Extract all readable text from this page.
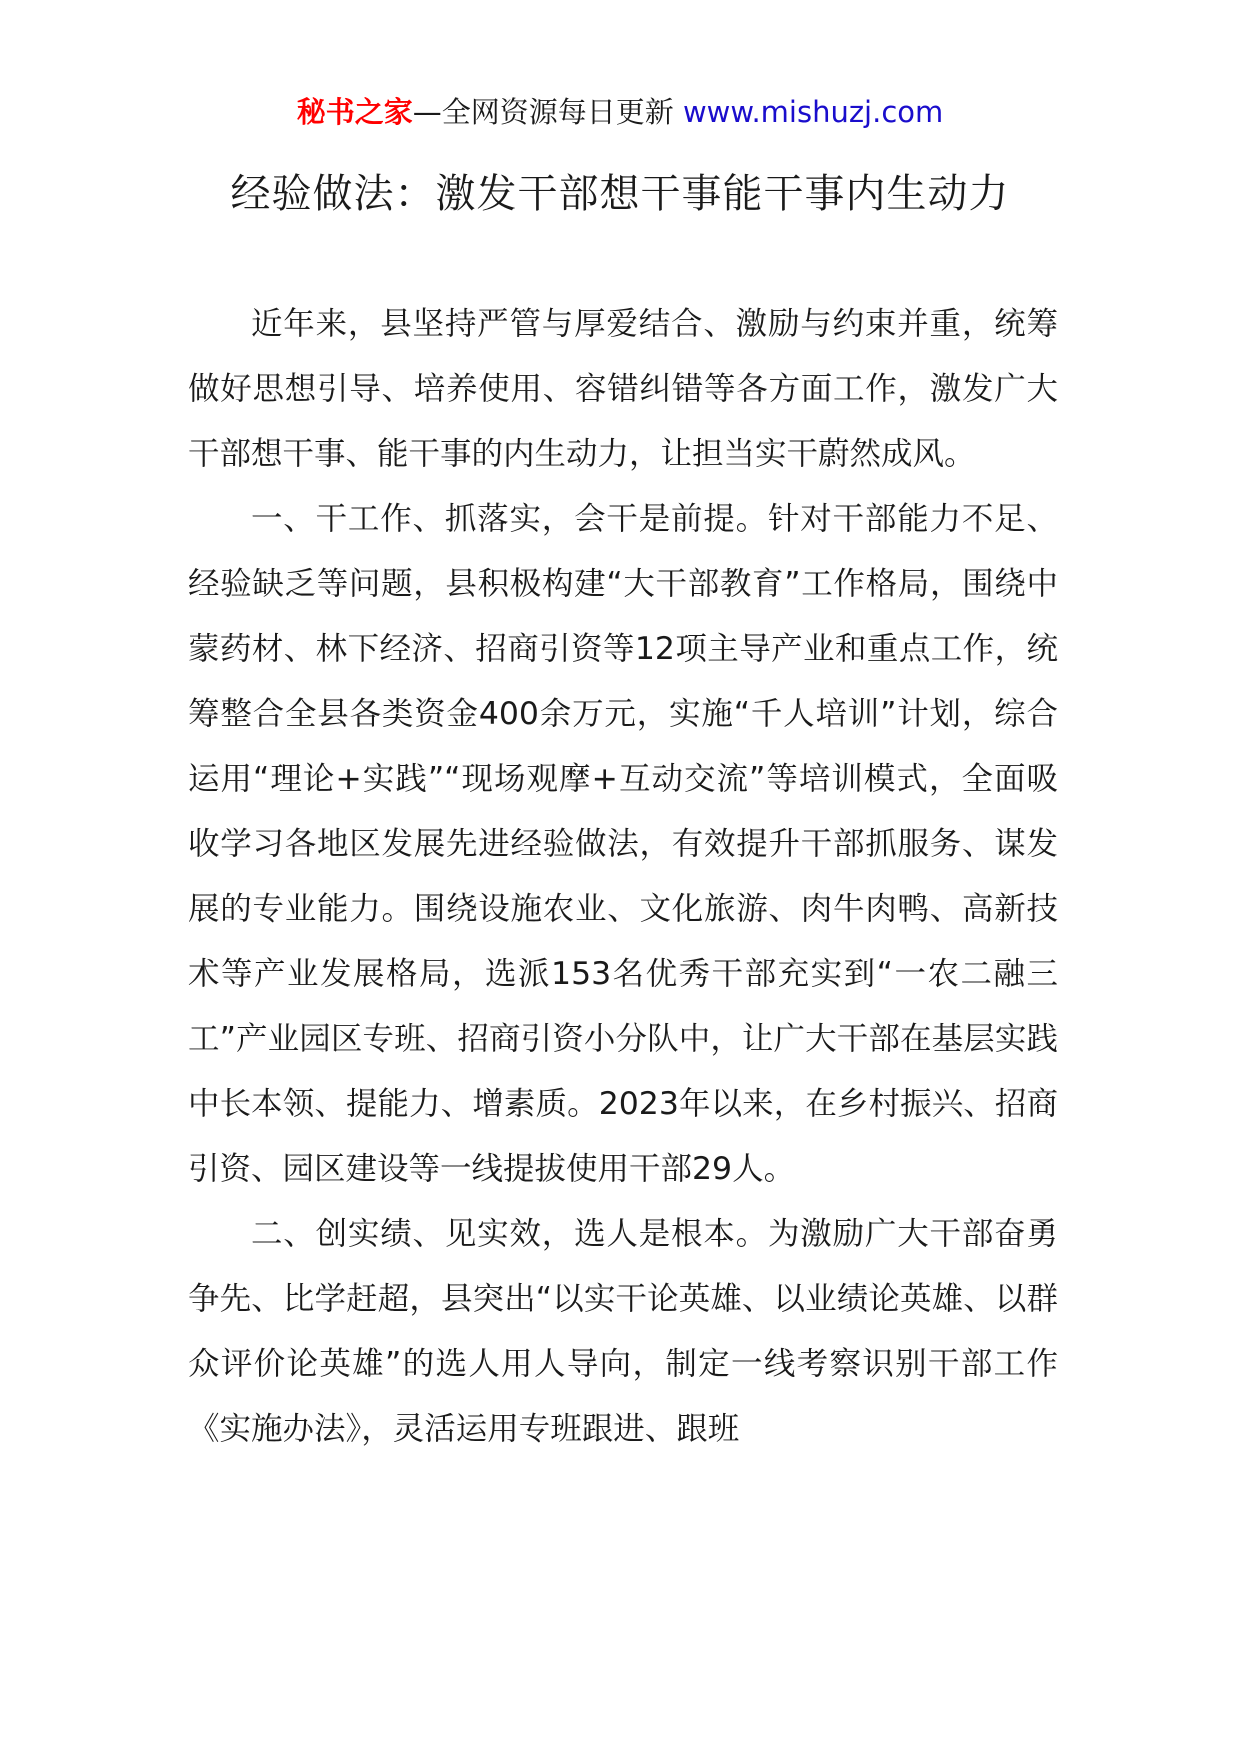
秘书之家—全网资源每日更新 www.mishuzj.com
经验做法：激发干部想干事能干事内生动力

近年来，县坚持严管与厚爱结合、激励与约束并重，统筹做好思想引导、培养使用、容错纠错等各方面工作，激发广大干部想干事、能干事的内生动力，让担当实干蔚然成风。

一、干工作、抓落实，会干是前提。针对干部能力不足、经验缺乏等问题，县积极构建“大干部教育”工作格局，围绕中蒙药材、林下经济、招商引资等12项主导产业和重点工作，统筹整合全县各类资金400余万元，实施“千人培训”计划，综合运用“理论+实践”“现场观摩+互动交流”等培训模式，全面吸收学习各地区发展先进经验做法，有效提升干部抓服务、谋发展的专业能力。围绕设施农业、文化旅游、肉牛肉鸭、高新技术等产业发展格局，选派153名优秀干部充实到“一农二融三工”产业园区专班、招商引资小分队中，让广大干部在基层实践中长本领、提能力、增素质。2023年以来，在乡村振兴、招商引资、园区建设等一线提拔使用干部29人。

二、创实绩、见实效，选人是根本。为激励广大干部奋勇争先、比学赶超，县突出“以实干论英雄、以业绩论英雄、以群众评价论英雄”的选人用人导向，制定一线考察识别干部工作《实施办法》，灵活运用专班跟进、跟班
